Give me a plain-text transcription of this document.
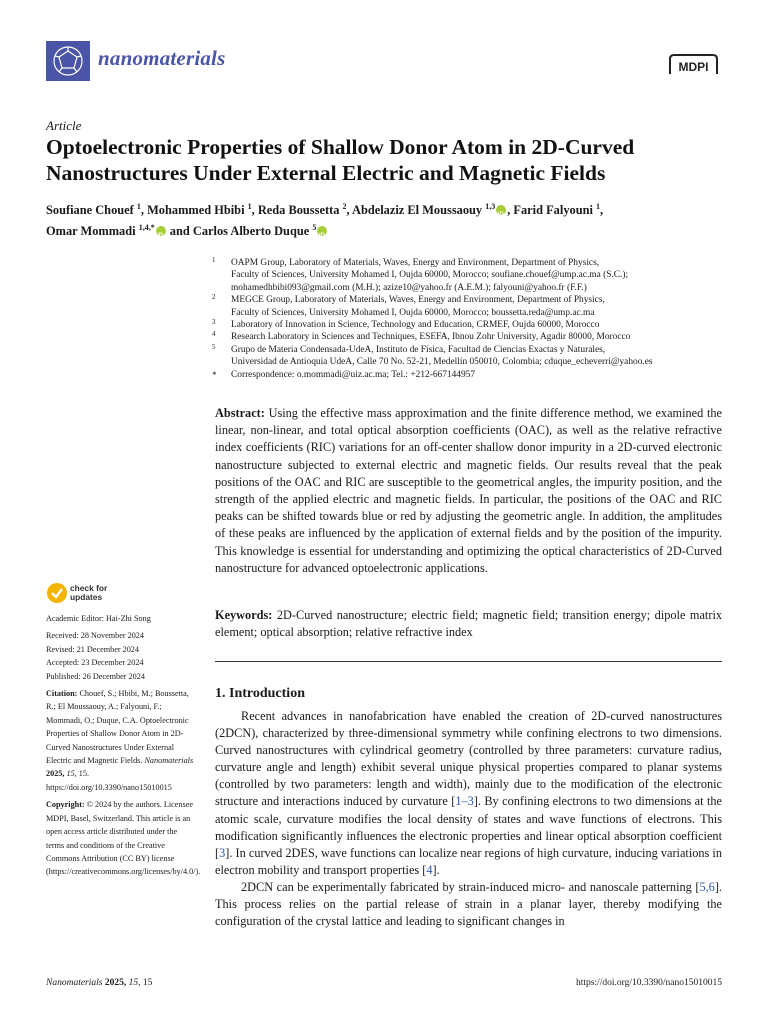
nanomaterials	MDPI
Article
Optoelectronic Properties of Shallow Donor Atom in 2D-Curved Nanostructures Under External Electric and Magnetic Fields
Soufiane Chouef $^1$, Mohammed Hbibi $^1$, Reda Boussetta $^2$, Abdelaziz El Moussaouy $^{1,3}$iD , Farid Falyouni $^1$,
Omar Mommadi $^{1,4,*}$iD and Carlos Alberto Duque $^5$iD
1 OAPM Group, Laboratory of Materials, Waves, Energy and Environment, Department of Physics,
Faculty of Sciences, University Mohamed I, Oujda 60000, Morocco; soufiane.chouef@ump.ac.ma (S.C.);
mohamedhbibi093@gmail.com (M.H.); azize10@yahoo.fr (A.E.M.); falyouni@yahoo.fr (F.F.)
2 MEGCE Group, Laboratory of Materials, Waves, Energy and Environment, Department of Physics,
Faculty of Sciences, University Mohamed I, Oujda 60000, Morocco; boussetta.reda@ump.ac.ma
3 Laboratory of Innovation in Science, Technology and Education, CRMEF, Oujda 60000, Morocco
4 Research Laboratory in Sciences and Techniques, ESEFA, Ibnou Zohr University, Agadir 80000, Morocco
5 Grupo de Materia Condensada-UdeA, Instituto de Física, Facultad de Ciencias Exactas y Naturales,
Universidad de Antioquia UdeA, Calle 70 No. 52-21, Medellín 050010, Colombia; cduque_echeverri@yahoo.es
* Correspondence: o.mommadi@uiz.ac.ma; Tel.: +212-667144957
Abstract: Using the effective mass approximation and the finite difference method, we examined the linear, non-linear, and total optical absorption coefficients (OAC), as well as the relative refractive index coefficients (RIC) variations for an off-center shallow donor impurity in a 2D-curved electronic nanostructure subjected to external electric and magnetic fields. Our results reveal that the peak positions of the OAC and RIC are susceptible to the geometrical angles, the impurity position, and the strength of the applied electric and magnetic fields. In particular, the positions of the OAC and RIC peaks can be shifted towards blue or red by adjusting the geometric angle. In addition, the amplitudes of these peaks are influenced by the application of external fields and by the position of the impurity. This knowledge is essential for understanding and optimizing the optical characteristics of 2D-Curved nanostructure for advanced optoelectronic applications.
Keywords: 2D-Curved nanostructure; electric field; magnetic field; transition energy; dipole matrix element; optical absorption; relative refractive index
check for
updates
Academic Editor: Hai-Zhi Song
Received: 28 November 2024
Revised: 21 December 2024
Accepted: 23 December 2024
Published: 26 December 2024
Citation: Chouef, S.; Hbibi, M.; Boussetta, R.; El Moussaouy, A.; Falyouni, F.; Mommadi, O.; Duque, C.A. Optoelectronic Properties of Shallow Donor Atom in 2D-Curved Nanostructures Under External Electric and Magnetic Fields. Nanomaterials 2025, 15, 15. https://doi.org/10.3390/nano15010015
Copyright: © 2024 by the authors. Licensee MDPI, Basel, Switzerland. This article is an open access article distributed under the terms and conditions of the Creative Commons Attribution (CC BY) license (https://creativecommons.org/licenses/by/4.0/).
1. Introduction

Recent advances in nanofabrication have enabled the creation of 2D-curved nanostructures (2DCN), characterized by three-dimensional symmetry while confining electrons to two dimensions. Curved nanostructures with cylindrical geometry (controlled by three parameters: curvature radius, curvature angle and length) exhibit several unique physical properties compared to planar systems (controlled by two parameters: length and width), mainly due to the modification of the electronic structure and interactions induced by curvature [1–3]. By confining electrons to two dimensions at the atomic scale, curvature modifies the local density of states and wave functions of electrons. This modification significantly influences the electronic properties and linear optical absorption coefficient [3]. In curved 2DES, wave functions can localize near regions of high curvature, inducing variations in electron mobility and transport properties [4].

2DCN can be experimentally fabricated by strain-induced micro- and nanoscale patterning [5,6]. This process relies on the partial release of strain in a planar layer, thereby modifying the configuration of the crystal lattice and leading to significant changes in

Nanomaterials 2025, 15, 15	https://doi.org/10.3390/nano15010015
